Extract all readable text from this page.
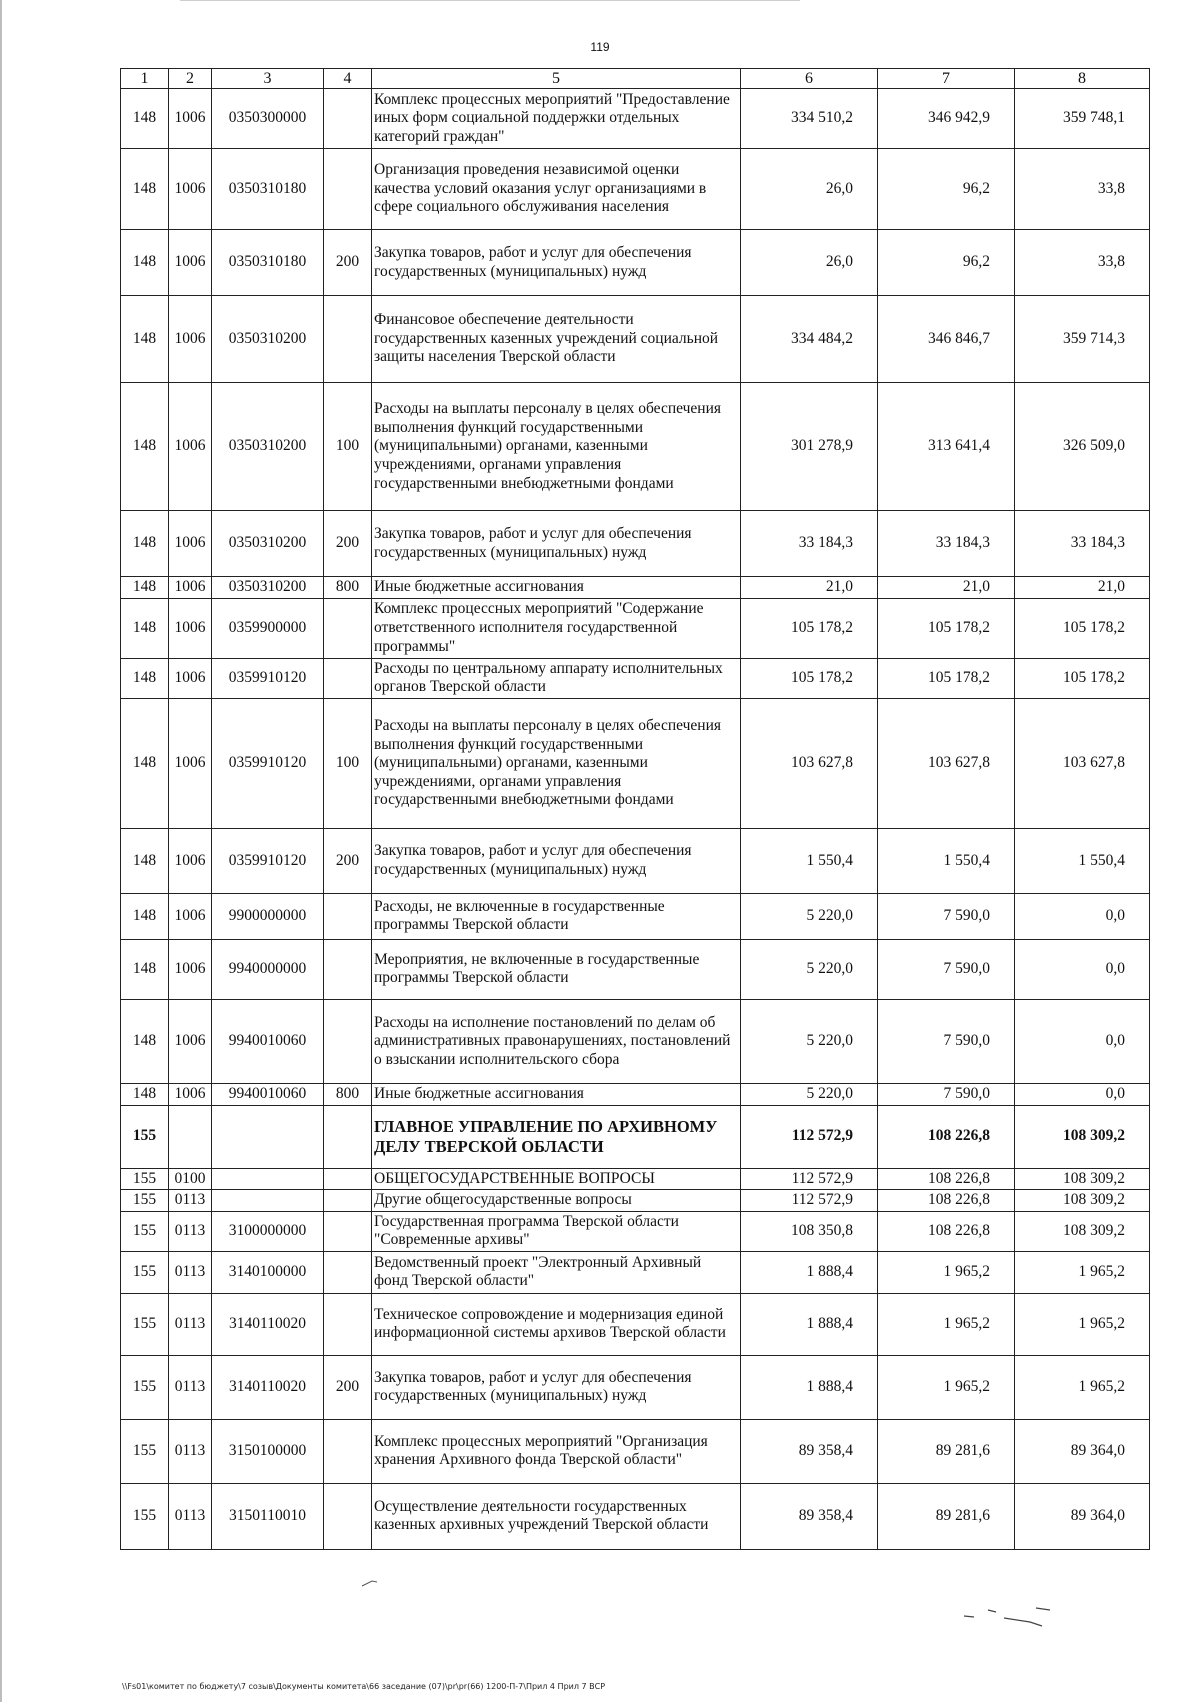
119
1	2	3	4	5	6	7	8
148	1006	0350300000		Комплекс процессных мероприятий "Предоставление иных форм социальной поддержки отдельных категорий граждан"	334 510,2	346 942,9	359 748,1
148	1006	0350310180		Организация проведения независимой оценки качества условий оказания услуг организациями в сфере социального обслуживания населения	26,0	96,2	33,8
148	1006	0350310180	200	Закупка товаров, работ и услуг для обеспечения государственных (муниципальных) нужд	26,0	96,2	33,8
148	1006	0350310200		Финансовое обеспечение деятельности государственных казенных учреждений социальной защиты населения Тверской области	334 484,2	346 846,7	359 714,3
148	1006	0350310200	100	Расходы на выплаты персоналу в целях обеспечения выполнения функций государственными (муниципальными) органами, казенными учреждениями, органами управления государственными внебюджетными фондами	301 278,9	313 641,4	326 509,0
148	1006	0350310200	200	Закупка товаров, работ и услуг для обеспечения государственных (муниципальных) нужд	33 184,3	33 184,3	33 184,3
148	1006	0350310200	800	Иные бюджетные ассигнования	21,0	21,0	21,0
148	1006	0359900000		Комплекс процессных мероприятий "Содержание ответственного исполнителя государственной программы"	105 178,2	105 178,2	105 178,2
148	1006	0359910120		Расходы по центральному аппарату исполнительных органов Тверской области	105 178,2	105 178,2	105 178,2
148	1006	0359910120	100	Расходы на выплаты персоналу в целях обеспечения выполнения функций государственными (муниципальными) органами, казенными учреждениями, органами управления государственными внебюджетными фондами	103 627,8	103 627,8	103 627,8
148	1006	0359910120	200	Закупка товаров, работ и услуг для обеспечения государственных (муниципальных) нужд	1 550,4	1 550,4	1 550,4
148	1006	9900000000		Расходы, не включенные в государственные программы Тверской области	5 220,0	7 590,0	0,0
148	1006	9940000000		Мероприятия, не включенные в государственные программы Тверской области	5 220,0	7 590,0	0,0
148	1006	9940010060		Расходы на исполнение постановлений по делам об административных правонарушениях, постановлений о взыскании исполнительского сбора	5 220,0	7 590,0	0,0
148	1006	9940010060	800	Иные бюджетные ассигнования	5 220,0	7 590,0	0,0
155				ГЛАВНОЕ УПРАВЛЕНИЕ ПО АРХИВНОМУ ДЕЛУ ТВЕРСКОЙ ОБЛАСТИ	112 572,9	108 226,8	108 309,2
155	0100			ОБЩЕГОСУДАРСТВЕННЫЕ ВОПРОСЫ	112 572,9	108 226,8	108 309,2
155	0113			Другие общегосударственные вопросы	112 572,9	108 226,8	108 309,2
155	0113	3100000000		Государственная программа Тверской области "Современные архивы"	108 350,8	108 226,8	108 309,2
155	0113	3140100000		Ведомственный проект "Электронный Архивный фонд Тверской области"	1 888,4	1 965,2	1 965,2
155	0113	3140110020		Техническое сопровождение и модернизация единой информационной системы архивов Тверской области	1 888,4	1 965,2	1 965,2
155	0113	3140110020	200	Закупка товаров, работ и услуг для обеспечения государственных (муниципальных) нужд	1 888,4	1 965,2	1 965,2
155	0113	3150100000		Комплекс процессных мероприятий "Организация хранения Архивного фонда Тверской области"	89 358,4	89 281,6	89 364,0
155	0113	3150110010		Осуществление деятельности государственных казенных архивных учреждений Тверской области	89 358,4	89 281,6	89 364,0
\\Fs01\комитет по бюджету\7 созыв\Документы комитета\66 заседание (07)\pr\pr(66) 1200-П-7\Прил 4 Прил 7 ВСР
